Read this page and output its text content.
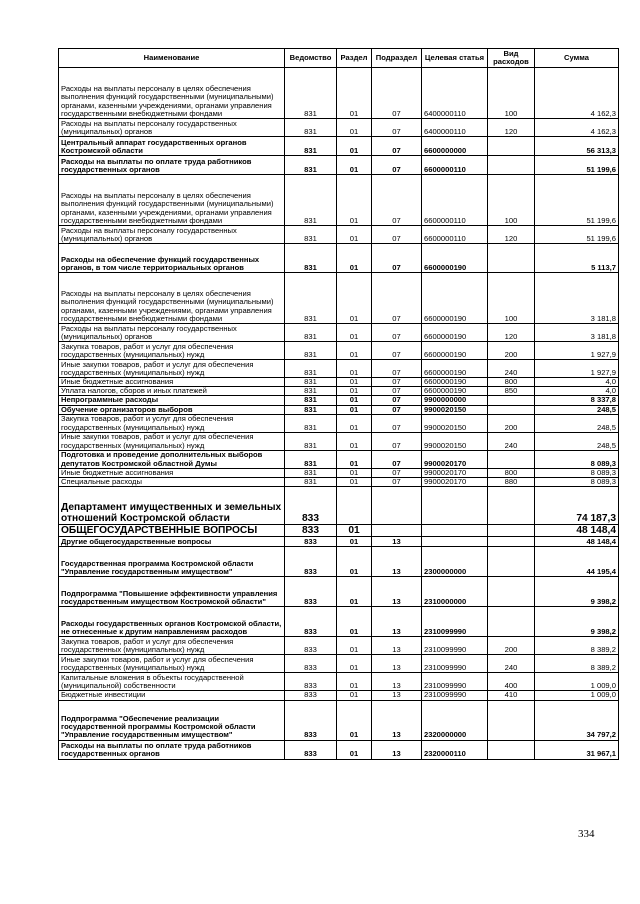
Наименование	Ведомство	Раздел	Подраздел	Целевая статья	Вид расходов	Сумма
Расходы на выплаты персоналу в целях обеспечения выполнения функций государственными (муниципальными) органами, казенными учреждениями, органами управления государственными внебюджетными фондами	831	01	07	6400000110	100	4 162,3
Расходы на выплаты персоналу государственных (муниципальных) органов	831	01	07	6400000110	120	4 162,3
Центральный аппарат государственных органов Костромской области	831	01	07	6600000000		56 313,3
Расходы на выплаты по оплате труда работников государственных органов	831	01	07	6600000110		51 199,6
Расходы на выплаты персоналу в целях обеспечения выполнения функций государственными (муниципальными) органами, казенными учреждениями, органами управления государственными внебюджетными фондами	831	01	07	6600000110	100	51 199,6
Расходы на выплаты персоналу государственных (муниципальных) органов	831	01	07	6600000110	120	51 199,6
Расходы на обеспечение функций государственных органов, в том числе территориальных органов	831	01	07	6600000190		5 113,7
Расходы на выплаты персоналу в целях обеспечения выполнения функций государственными (муниципальными) органами, казенными учреждениями, органами управления государственными внебюджетными фондами	831	01	07	6600000190	100	3 181,8
Расходы на выплаты персоналу государственных (муниципальных) органов	831	01	07	6600000190	120	3 181,8
Закупка товаров, работ и услуг для обеспечения государственных (муниципальных) нужд	831	01	07	6600000190	200	1 927,9
Иные закупки товаров, работ и услуг для обеспечения государственных (муниципальных) нужд	831	01	07	6600000190	240	1 927,9
Иные бюджетные ассигнования	831	01	07	6600000190	800	4,0
Уплата налогов, сборов и иных платежей	831	01	07	6600000190	850	4,0
Непрограммные расходы	831	01	07	9900000000		8 337,8
Обучение организаторов выборов	831	01	07	9900020150		248,5
Закупка товаров, работ и услуг для обеспечения государственных (муниципальных) нужд	831	01	07	9900020150	200	248,5
Иные закупки товаров, работ и услуг для обеспечения государственных (муниципальных) нужд	831	01	07	9900020150	240	248,5
Подготовка и проведение дополнительных выборов депутатов Костромской областной Думы	831	01	07	9900020170		8 089,3
Иные бюджетные ассигнования	831	01	07	9900020170	800	8 089,3
Специальные расходы	831	01	07	9900020170	880	8 089,3
Департамент имущественных и земельных отношений Костромской области	833					74 187,3
ОБЩЕГОСУДАРСТВЕННЫЕ ВОПРОСЫ	833	01				48 148,4
Другие общегосударственные вопросы	833	01	13			48 148,4
Государственная программа Костромской области "Управление государственным имуществом"	833	01	13	2300000000		44 195,4
Подпрограмма "Повышение эффективности управления государственным имуществом Костромской области"	833	01	13	2310000000		9 398,2
Расходы государственных органов Костромской области, не отнесенные к другим направлениям расходов	833	01	13	2310099990		9 398,2
Закупка товаров, работ и услуг для обеспечения государственных (муниципальных) нужд	833	01	13	2310099990	200	8 389,2
Иные закупки товаров, работ и услуг для обеспечения государственных (муниципальных) нужд	833	01	13	2310099990	240	8 389,2
Капитальные вложения в объекты государственной (муниципальной) собственности	833	01	13	2310099990	400	1 009,0
Бюджетные инвестиции	833	01	13	2310099990	410	1 009,0
Подпрограмма "Обеспечение реализации государственной программы Костромской области "Управление государственным имуществом"	833	01	13	2320000000		34 797,2
Расходы на выплаты по оплате труда работников государственных органов	833	01	13	2320000110		31 967,1
334
